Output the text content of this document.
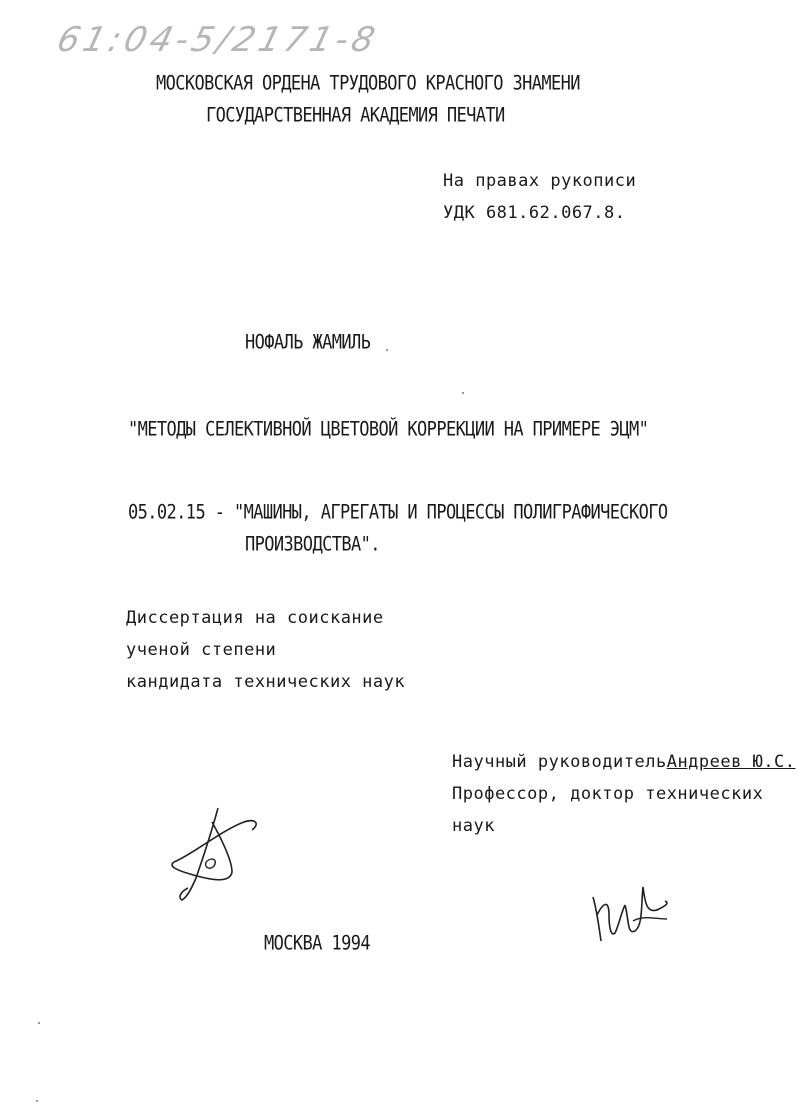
61:04-5/2171-8
МОСКОВСКАЯ ОРДЕНА ТРУДОВОГО КРАСНОГО ЗНАМЕНИ
ГОСУДАРСТВЕННАЯ АКАДЕМИЯ ПЕЧАТИ
На правах рукописи
УДК 681.62.067.8.
НОФАЛЬ ЖАМИЛЬ
"МЕТОДЫ СЕЛЕКТИВНОЙ ЦВЕТОВОЙ КОРРЕКЦИИ НА ПРИМЕРЕ ЭЦМ"
05.02.15 - "МАШИНЫ, АГРЕГАТЫ И ПРОЦЕССЫ ПОЛИГРАФИЧЕСКОГО
ПРОИЗВОДСТВА".
Диссертация на соискание
ученой степени
кандидата технических наук
Научный руководительАндреев Ю.С.
Профессор, доктор технических
наук
МОСКВА 1994
